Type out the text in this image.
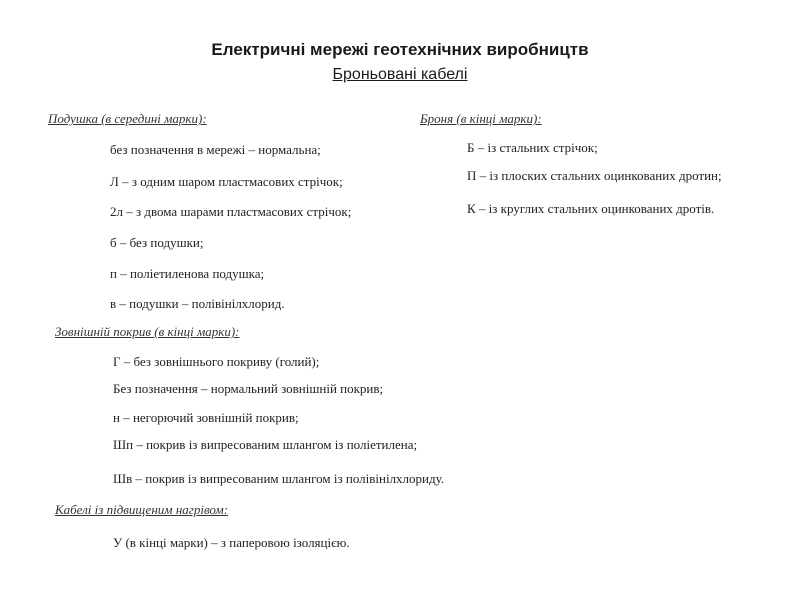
Електричні мережі геотехнічних виробництв
Броньовані кабелі
Подушка (в середині марки):
без позначення в мережі – нормальна;
Л – з одним шаром пластмасових стрічок;
2л – з двома шарами пластмасових стрічок;
б – без подушки;
п – поліетиленова подушка;
в – подушки – полівінілхлорид.
Броня (в кінці марки):
Б – із стальних стрічок;
П – із плоских стальних оцинкованих дротин;
К – із круглих стальних оцинкованих дротів.
Зовнішній покрив (в кінці марки):
Г – без зовнішнього покриву (голий);
Без позначення – нормальний зовнішній покрив;
н – негорючий зовнішній покрив;
Шп – покрив із випресованим шлангом із поліетилена;
Шв – покрив із випресованим шлангом із полівінілхлориду.
Кабелі із підвищеним нагрівом:
У (в кінці марки) – з паперовою ізоляцією.
